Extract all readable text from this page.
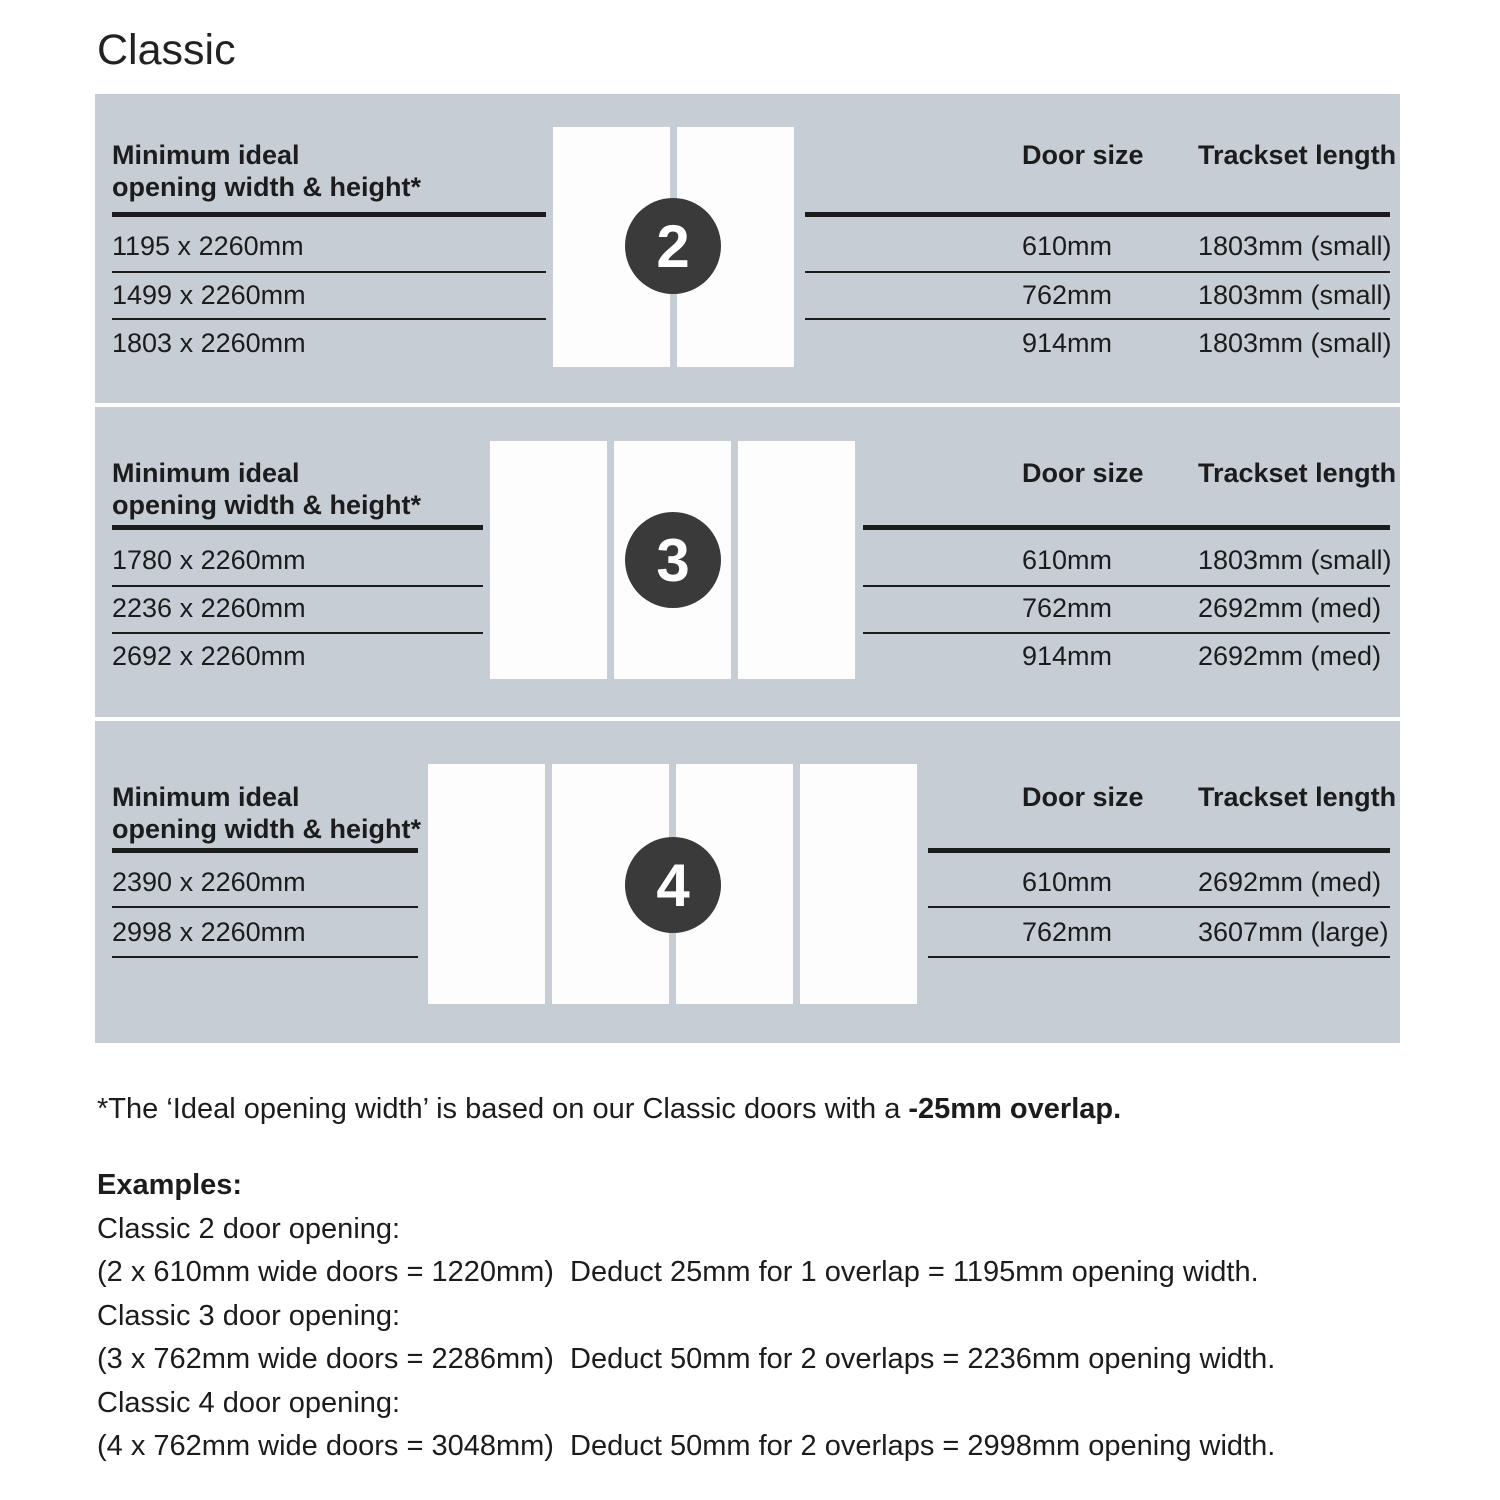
Classic
Minimum ideal
opening width & height*
Door size Trackset length
1195 x 2260mm	610mm	1803mm (small)
1499 x 2260mm	762mm	1803mm (small)
1803 x 2260mm	914mm	1803mm (small)
2
Minimum ideal
opening width & height*
Door size Trackset length
1780 x 2260mm	610mm	1803mm (small)
2236 x 2260mm	762mm	2692mm (med)
2692 x 2260mm	914mm	2692mm (med)
3
Minimum ideal
opening width & height*
Door size Trackset length
2390 x 2260mm	610mm	2692mm (med)
2998 x 2260mm	762mm	3607mm (large)
4
*The ‘Ideal opening width’ is based on our Classic doors with a -25mm overlap.
Examples:
Classic 2 door opening:
(2 x 610mm wide doors = 1220mm)  Deduct 25mm for 1 overlap = 1195mm opening width.
Classic 3 door opening:
(3 x 762mm wide doors = 2286mm)  Deduct 50mm for 2 overlaps = 2236mm opening width.
Classic 4 door opening:
(4 x 762mm wide doors = 3048mm)  Deduct 50mm for 2 overlaps = 2998mm opening width.
